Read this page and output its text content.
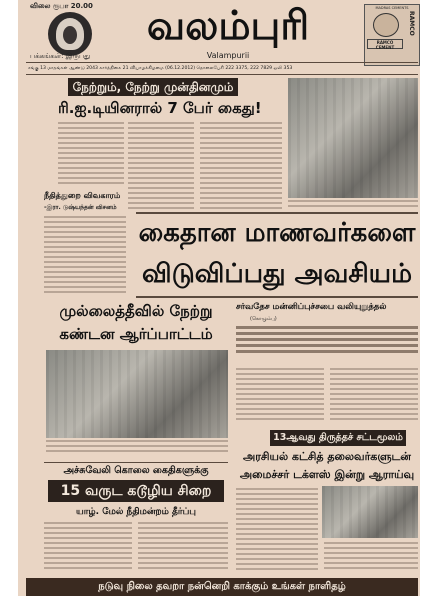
விலை ரூபா 20.00	வலம்புரி
Valampurii
பக்கங்கள்: இருபது
MADRAS CEMENTS
RAMCO
RAMCO CEMENT
சங்கு 13 மாதங்கள் ஆண்டு 2043 கார்த்திகை 21 வியாழக்கிழமை (06.12.2012) தொலைபேசி 222 3375, 222 7829 ஒலி 353
நேற்றும், நேற்று முன்தினமும்
ரி.ஐ.டியினரால் 7 பேர் கைது!
நீதித்துறை விவகாரம்
-இரா. டுஷ்யந்தன் விசனம்
கைதான மாணவர்களை
விடுவிப்பது அவசியம்
முல்லைத்தீவில் நேற்று
கண்டன ஆர்ப்பாட்டம்
சர்வதேச மன்னிப்புச்சபை வலியுறுத்தல்
(கொழும்பு)
அச்சுவேலி கொலை கைதிகளுக்கு
15 வருட கடூழிய சிறை
யாழ். மேல் நீதிமன்றம் தீர்ப்பு
13ஆவது திருத்தச் சட்டமூலம்
அரசியல் கட்சித் தலைவர்களுடன்
அமைச்சர் டக்ளஸ் இன்று ஆராய்வு
நடுவு நிலை தவறா நன்னெறி காக்கும் உங்கள் நாளிதழ்
